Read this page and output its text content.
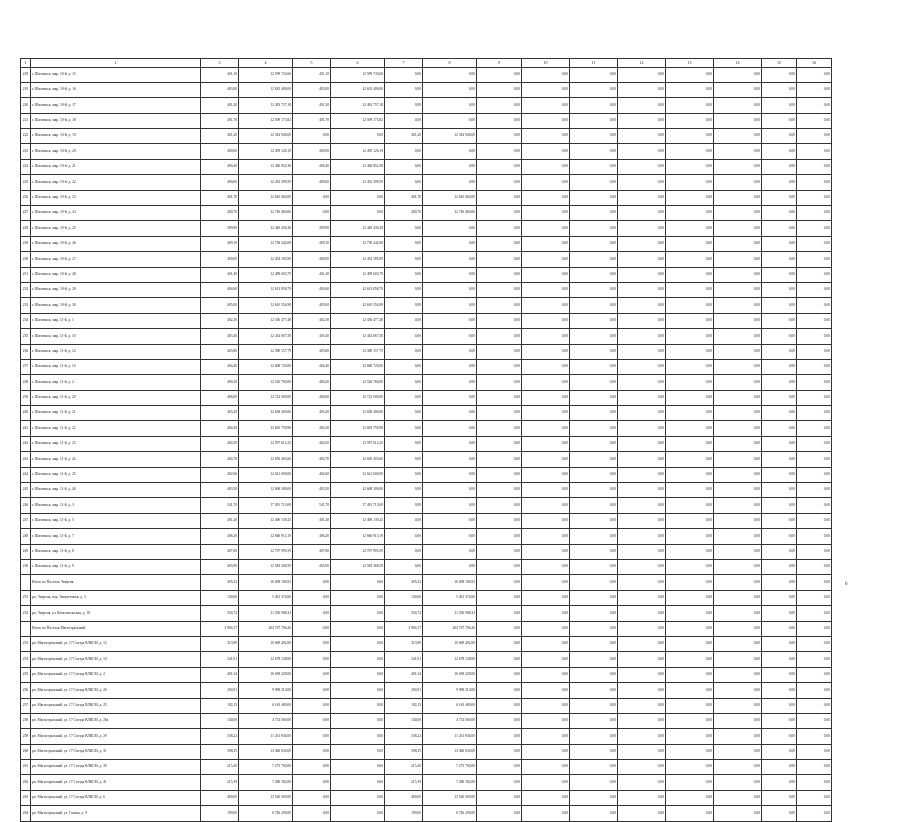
1	2	3	4	5	6	7	8	9	10	11	12	13	14	15	16
218	г. Шахтинск, мкр. 10-й, д. 15	401,10	12 599 743,60	401,10	12 599 743,60	0,00	0,00	0,00	0,00	0,00	0,00	0,00	0,00	0,00	0,00
219	г. Шахтинск, мкр. 10-й, д. 16	403,00	12 635 400,00	403,00	12 635 400,00	0,00	0,00	0,00	0,00	0,00	0,00	0,00	0,00	0,00	0,00
220	г. Шахтинск, мкр. 10-й, д. 17	401,20	12 492 757,18	401,20	12 492 757,18	0,00	0,00	0,00	0,00	0,00	0,00	0,00	0,00	0,00	0,00
221	г. Шахтинск, мкр. 10-й, д. 18	401,70	12 509 173,82	401,70	12 509 173,82	0,00	0,00	0,00	0,00	0,00	0,00	0,00	0,00	0,00	0,00
222	г. Шахтинск, мкр. 10-й, д. 19	401,20	12 563 940,00	0,00	0,00	401,20	12 563 940,00	0,00	0,00	0,00	0,00	0,00	0,00	0,00	0,00
223	г. Шахтинск, мкр. 10-й, д. 20	400,00	12 459 126,19	400,00	12 459 126,19	0,00	0,00	0,00	0,00	0,00	0,00	0,00	0,00	0,00	0,00
224	г. Шахтинск, мкр. 10-й, д. 21	400,40	12 460 852,38	400,40	12 460 852,38	0,00	0,00	0,00	0,00	0,00	0,00	0,00	0,00	0,00	0,00
225	г. Шахтинск, мкр. 10-й, д. 22	400,00	12 452 399,59	400,00	12 452 399,59	0,00	0,00	0,00	0,00	0,00	0,00	0,00	0,00	0,00	0,00
226	г. Шахтинск, мкр. 10-й, д. 23	401,70	12 645 060,00	0,00	0,00	401,70	12 645 060,00	0,00	0,00	0,00	0,00	0,00	0,00	0,00	0,00
227	г. Шахтинск, мкр. 10-й, д. 24	400,70	12 746 460,00	0,00	0,00	400,70	12 746 460,00	0,00	0,00	0,00	0,00	0,00	0,00	0,00	0,00
228	г. Шахтинск, мкр. 10-й, д. 25	399,90	12 449 436,38	399,90	12 449 436,38	0,00	0,00	0,00	0,00	0,00	0,00	0,00	0,00	0,00	0,00
229	г. Шахтинск, мкр. 10-й, д. 26	409,10	12 738 442,08	409,10	12 738 442,08	0,00	0,00	0,00	0,00	0,00	0,00	0,00	0,00	0,00	0,00
230	г. Шахтинск, мкр. 10-й, д. 27	400,00	12 454 185,99	400,00	12 454 185,99	0,00	0,00	0,00	0,00	0,00	0,00	0,00	0,00	0,00	0,00
231	г. Шахтинск, мкр. 10-й, д. 28	401,40	12 499 603,79	401,40	12 499 603,79	0,00	0,00	0,00	0,00	0,00	0,00	0,00	0,00	0,00	0,00
232	г. Шахтинск, мкр. 10-й, д. 29	404,60	12 613 858,79	404,60	12 613 858,79	0,00	0,00	0,00	0,00	0,00	0,00	0,00	0,00	0,00	0,00
233	г. Шахтинск, мкр. 10-й, д. 30	405,00	12 610 554,98	405,00	12 610 554,98	0,00	0,00	0,00	0,00	0,00	0,00	0,00	0,00	0,00	0,00
234	г. Шахтинск, мкр. 11-й, д. 1	402,30	12 336 477,48	402,30	12 336 477,48	0,00	0,00	0,00	0,00	0,00	0,00	0,00	0,00	0,00	0,00
235	г. Шахтинск, мкр. 11-й, д. 10	403,40	12 434 067,58	403,40	12 434 067,58	0,00	0,00	0,00	0,00	0,00	0,00	0,00	0,00	0,00	0,00
236	г. Шахтинск, мкр. 11-й, д. 12	403,80	12 380 157,79	403,80	12 380 157,79	0,00	0,00	0,00	0,00	0,00	0,00	0,00	0,00	0,00	0,00
237	г. Шахтинск, мкр. 11-й, д. 14	404,40	12 668 720,00	404,40	12 668 720,00	0,00	0,00	0,00	0,00	0,00	0,00	0,00	0,00	0,00	0,00
238	г. Шахтинск, мкр. 11-й, д. 2	400,20	12 526 760,00	400,20	12 526 760,00	0,00	0,00	0,00	0,00	0,00	0,00	0,00	0,00	0,00	0,00
239	г. Шахтинск, мкр. 11-й, д. 20	406,00	12 722 000,00	406,00	12 722 000,00	0,00	0,00	0,00	0,00	0,00	0,00	0,00	0,00	0,00	0,00
240	г. Шахтинск, мкр. 11-й, д. 21	403,20	12 638 400,00	403,20	12 638 400,00	0,00	0,00	0,00	0,00	0,00	0,00	0,00	0,00	0,00	0,00
241	г. Шахтинск, мкр. 11-й, д. 22	404,30	12 603 759,98	404,30	12 603 759,98	0,00	0,00	0,00	0,00	0,00	0,00	0,00	0,00	0,00	0,00
242	г. Шахтинск, мкр. 11-й, д. 23	404,50	12 597 612,25	404,50	12 597 612,25	0,00	0,00	0,00	0,00	0,00	0,00	0,00	0,00	0,00	0,00
243	г. Шахтинск, мкр. 11-й, д. 24	404,70	12 650 403,60	404,70	12 650 403,60	0,00	0,00	0,00	0,00	0,00	0,00	0,00	0,00	0,00	0,00
244	г. Шахтинск, мкр. 11-й, д. 25	402,60	12 621 600,00	402,60	12 621 600,00	0,00	0,00	0,00	0,00	0,00	0,00	0,00	0,00	0,00	0,00
245	г. Шахтинск, мкр. 11-й, д. 26	403,50	12 608 300,00	403,50	12 608 300,00	0,00	0,00	0,00	0,00	0,00	0,00	0,00	0,00	0,00	0,00
246	г. Шахтинск, мкр. 11-й, д. 3	541,70	17 491 713,69	541,70	17 491 713,69	0,00	0,00	0,00	0,00	0,00	0,00	0,00	0,00	0,00	0,00
247	г. Шахтинск, мкр. 11-й, д. 5	401,20	12 496 139,25	401,20	12 496 139,25	0,00	0,00	0,00	0,00	0,00	0,00	0,00	0,00	0,00	0,00
248	г. Шахтинск, мкр. 11-й, д. 7	406,20	12 660 913,19	406,20	12 660 913,19	0,00	0,00	0,00	0,00	0,00	0,00	0,00	0,00	0,00	0,00
249	г. Шахтинск, мкр. 11-й, д. 8	407,60	12 707 995,59	407,60	12 707 995,59	0,00	0,00	0,00	0,00	0,00	0,00	0,00	0,00	0,00	0,00
250	г. Шахтинск, мкр. 11-й, д. 9	403,90	12 583 368,59	403,90	12 583 368,59	0,00	0,00	0,00	0,00	0,00	0,00	0,00	0,00	0,00	0,00
	Итого по Поселок Энергия:	495,52	16 658 106,92	0,00	0,00	495,52	16 658 106,92	0,00	0,00	0,00	0,00	0,00	0,00	0,00	0,00
251	рп. Энергия, пер. Энергетиков, д. 3	140,60	5 401 374,60	0,00	0,00	140,60	5 401 374,60	0,00	0,00	0,00	0,00	0,00	0,00	0,00	0,00
252	рп. Энергия, ул. Комсомольская, д. 18	354,72	11 256 968,32	0,00	0,00	354,72	11 256 968,32	0,00	0,00	0,00	0,00	0,00	0,00	0,00	0,00
	Итого по Поселок Магистральный:	3 904,17	204 767 706,20	0,00	0,00	3 904,17	204 767 706,20	0,00	0,00	0,00	0,00	0,00	0,00	0,00	0,00
253	рп. Магистральный, ул. 17 Съезда ВЛКСМ, д. 12	313,89	10 669 492,00	0,00	0,00	313,89	10 669 492,00	0,00	0,00	0,00	0,00	0,00	0,00	0,00	0,00
254	рп. Магистральный, ул. 17 Съезда ВЛКСМ, д. 14	341,01	12 678 138,00	0,00	0,00	341,01	12 678 138,00	0,00	0,00	0,00	0,00	0,00	0,00	0,00	0,00
255	рп. Магистральный, ул. 17 Съезда ВЛКСМ, д. 2	491,34	16 658 228,00	0,00	0,00	491,34	16 658 228,00	0,00	0,00	0,00	0,00	0,00	0,00	0,00	0,00
256	рп. Магистральный, ул. 17 Съезда ВЛКСМ, д. 26	294,91	9 969 310,00	0,00	0,00	294,91	9 969 310,00	0,00	0,00	0,00	0,00	0,00	0,00	0,00	0,00
257	рп. Магистральный, ул. 17 Съезда ВЛКСМ, д. 25	182,15	6 165 480,00	0,00	0,00	182,15	6 165 480,00	0,00	0,00	0,00	0,00	0,00	0,00	0,00	0,00
258	рп. Магистральный, ул. 17 Съезда ВЛКСМ, д. 26а	140,00	4 733 000,00	0,00	0,00	140,00	4 733 000,00	0,00	0,00	0,00	0,00	0,00	0,00	0,00	0,00
259	рп. Магистральный, ул. 17 Съезда ВЛКСМ, д. 29	338,22	11 431 836,00	0,00	0,00	338,22	11 431 836,00	0,00	0,00	0,00	0,00	0,00	0,00	0,00	0,00
260	рп. Магистральный, ул. 17 Съезда ВЛКСМ, д. 31	398,35	13 460 830,00	0,00	0,00	398,35	13 460 830,00	0,00	0,00	0,00	0,00	0,00	0,00	0,00	0,00
261	рп. Магистральный, ул. 17 Съезда ВЛКСМ, д. 39	215,20	7 273 760,00	0,00	0,00	215,20	7 273 760,00	0,00	0,00	0,00	0,00	0,00	0,00	0,00	0,00
262	рп. Магистральный, ул. 17 Съезда ВЛКСМ, д. 41	215,39	7 280 182,00	0,00	0,00	215,39	7 280 182,00	0,00	0,00	0,00	0,00	0,00	0,00	0,00	0,00
263	рп. Магистральный, ул. 17 Съезда ВЛКСМ, д. 6	400,00	13 520 000,00	0,00	0,00	400,00	13 520 000,00	0,00	0,00	0,00	0,00	0,00	0,00	0,00	0,00
264	рп. Магистральный, ул. Гагина, д. 9	199,00	6 726 200,00	0,00	0,00	199,00	6 726 200,00	0,00	0,00	0,00	0,00	0,00	0,00	0,00	0,00
6
